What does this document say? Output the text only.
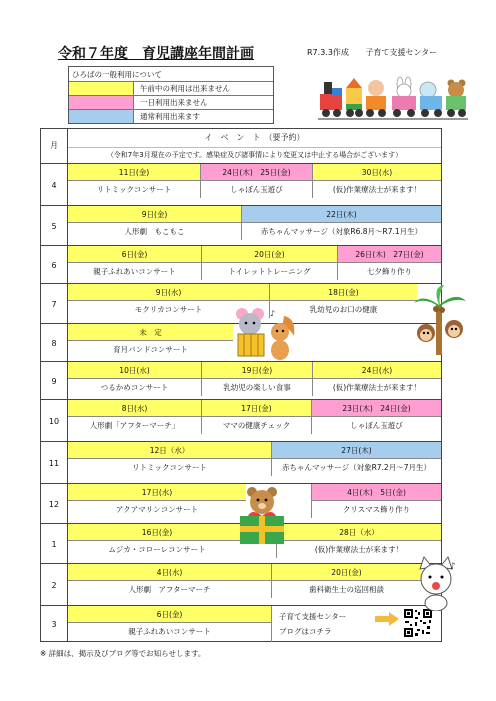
令和７年度　育児講座年間計画	R7.3.3作成 子育て支援センター
ひろばの一般利用について
午前中の利用は出来ません
一日利用出来ません
通常利用出来ます
月
イ　ベ　ン　ト　（要予約）
（令和7年3月現在の予定です。感染症及び諸事情により変更又は中止する場合がございます）
4
11日(金)	24日(木)　25日(金)	30日(水)
リトミックコンサート	しゃぼん玉遊び	(仮)作業療法士が来ます！
5
9日(金)	22日(木)
人形劇　もこもこ	赤ちゃんマッサージ（対象R6.8月～R7.1月生）
6
6日(金)	20日(金)	26日(木)　27日(金)
親子ふれあいコンサート	トイレットトレーニング	七夕飾り作り
7
9日(水)	18日(金)
モクリカコンサート	乳幼児のお口の健康
8
未　定
育月バンドコンサート
9
10日(水)	19日(金)	24日(水)
つるかめコンサート	乳幼児の楽しい食事	(仮)作業療法士が来ます！
10
8日(水)	17日(金)	23日(木)　24日(金)
人形劇「アフターマーチ」	ママの健康チェック	しゃぼん玉遊び
11
12日（水）	27日(木)
リトミックコンサート	赤ちゃんマッサージ（対象R7.2月～7月生）
12
17日(水)	4日(木)　5日(金)
アクアマリンコンサート	クリスマス飾り作り
1
16日(金)	28日（水）
ムジカ・コローレコンサート	(仮)作業療法士が来ます！
2
4日(水)	20日(金)
人形劇　アフターマーチ	歯科衛生士の巡回相談
3
6日(金)
親子ふれあいコンサート
子育て支援センター
ブログはコチラ
♪
♪
※ 詳細は、掲示及びブログ等でお知らせします。
